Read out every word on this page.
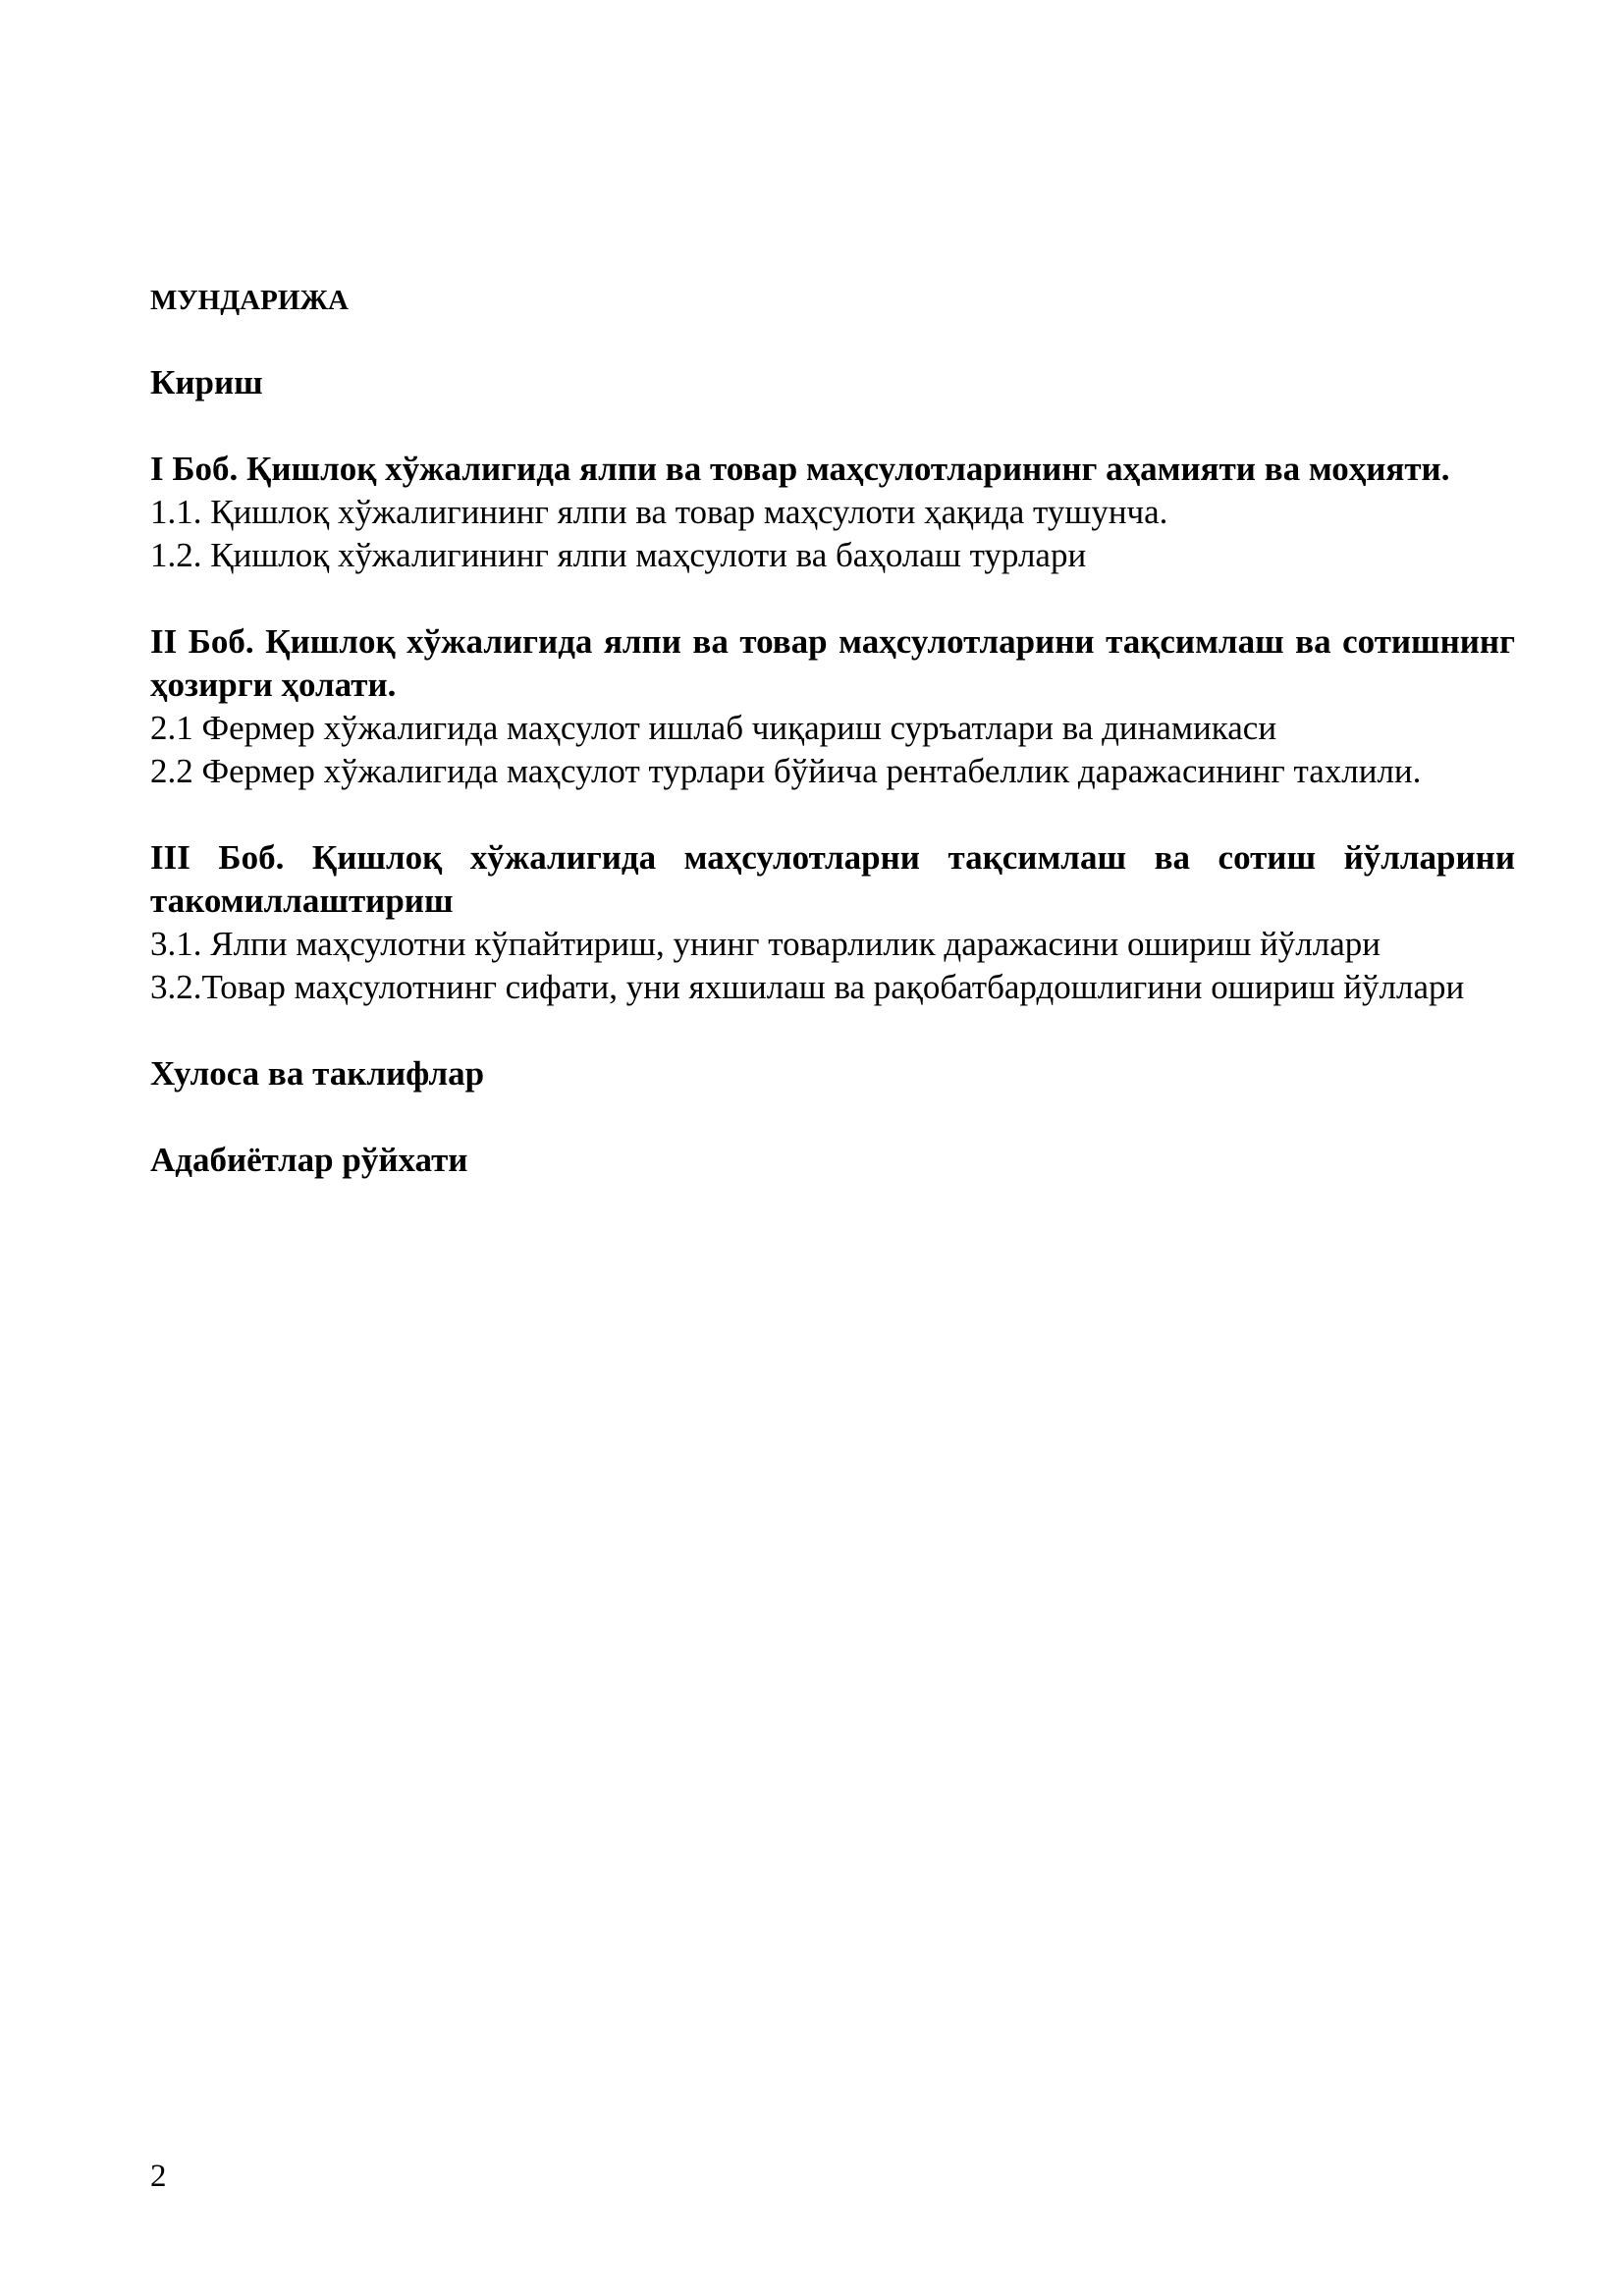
МУНДАРИЖА

Кириш

I Боб. Қишлоқ хўжалигида ялпи ва товар маҳсулотларининг аҳамияти ва моҳияти.

1.1. Қишлоқ хўжалигининг ялпи ва товар маҳсулоти ҳақида тушунча.

1.2. Қишлоқ хўжалигининг ялпи маҳсулоти ва баҳолаш турлари

II Боб. Қишлоқ хўжалигида ялпи ва товар маҳсулотларини тақсимлаш ва сотишнинг ҳозирги ҳолати.

2.1 Фермер хўжалигида маҳсулот ишлаб чиқариш суръатлари ва динамикаси

2.2 Фермер хўжалигида маҳсулот турлари бўйича рентабеллик даражасининг тахлили.

III Боб. Қишлоқ хўжалигида маҳсулотларни тақсимлаш ва сотиш йўлларини такомиллаштириш

3.1. Ялпи маҳсулотни кўпайтириш, унинг товарлилик даражасини ошириш йўллари

3.2.Товар маҳсулотнинг сифати, уни яхшилаш ва рақобатбардошлигини ошириш йўллари

Хулоса ва таклифлар

Адабиётлар рўйхати

2
